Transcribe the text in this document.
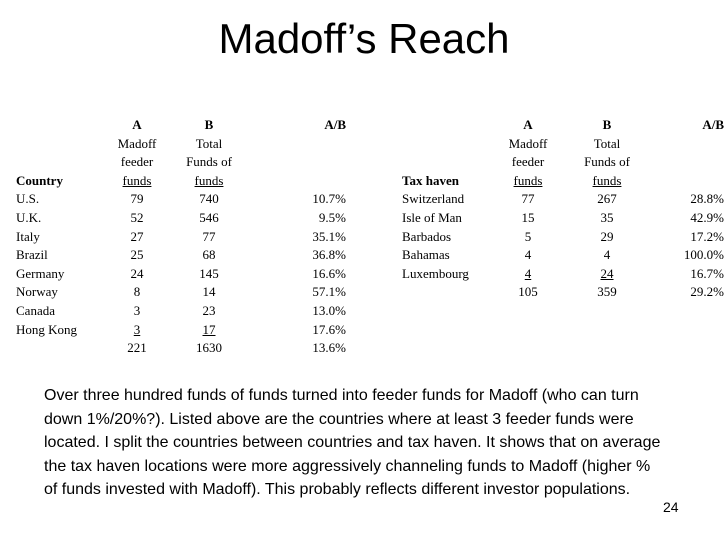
Madoff’s Reach
	A	B	A/B
	Madoff	Total	
	feeder	Funds of	
Country	funds	funds	
U.S.	79	740	10.7%
U.K.	52	546	9.5%
Italy	27	77	35.1%
Brazil	25	68	36.8%
Germany	24	145	16.6%
Norway	8	14	57.1%
Canada	3	23	13.0%
Hong Kong	3	17	17.6%
	221	1630	13.6%
	A	B	A/B
	Madoff	Total	
	feeder	Funds of	
Tax haven	funds	funds	
Switzerland	77	267	28.8%
Isle of Man	15	35	42.9%
Barbados	5	29	17.2%
Bahamas	4	4	100.0%
Luxembourg	4	24	16.7%
	105	359	29.2%

Over three hundred funds of funds turned into feeder funds for Madoff (who can turn down 1%/20%?). Listed above are the countries where at least 3 feeder funds were located. I split the countries between countries and tax haven. It shows that on average the tax haven locations were more aggressively channeling funds to Madoff (higher % of funds invested with Madoff). This probably reflects different investor populations.

24
